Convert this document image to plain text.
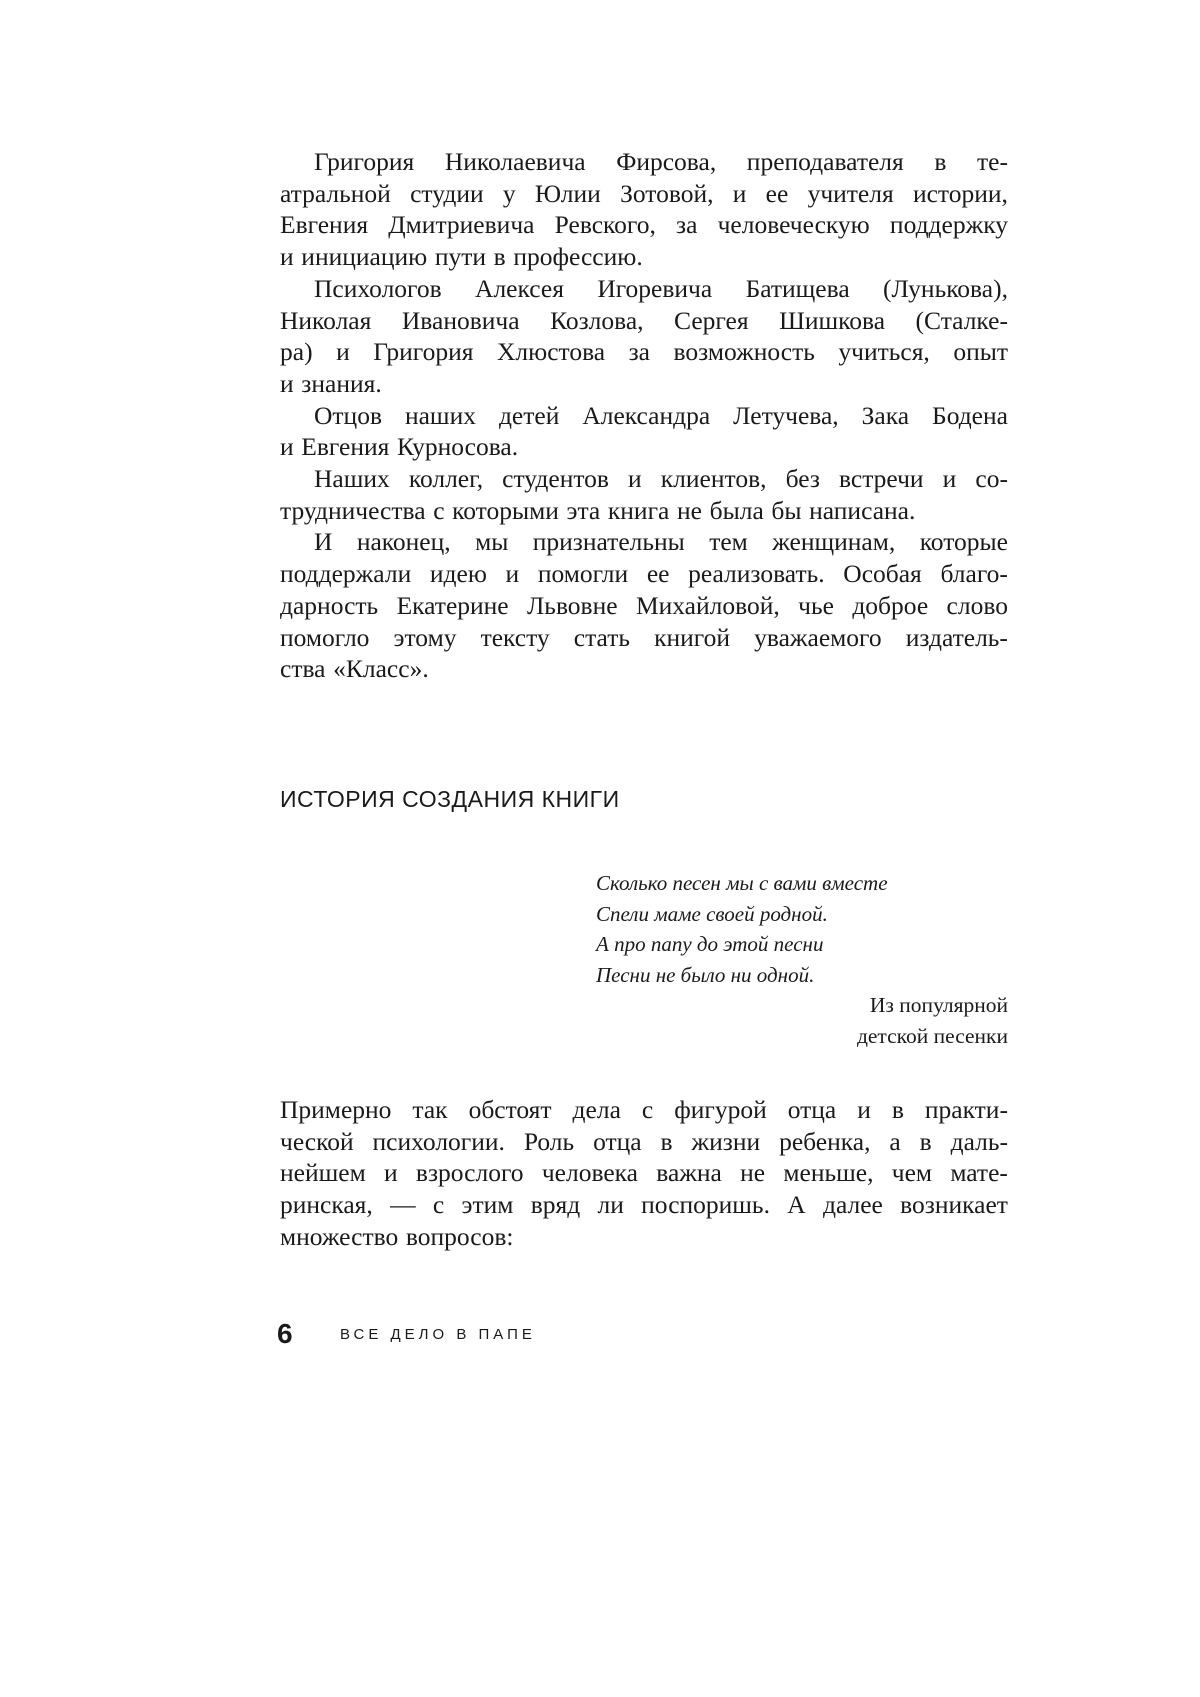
Григория Николаевича Фирсова, преподавателя в те-
атральной студии у Юлии Зотовой, и ее учителя истории,
Евгения Дмитриевича Ревского, за человеческую поддержку
и инициацию пути в профессию.
Психологов Алексея Игоревича Батищева (Лунькова),
Николая Ивановича Козлова, Сергея Шишкова (Сталке-
ра) и Григория Хлюстова за возможность учиться, опыт
и знания.
Отцов наших детей Александра Летучева, Зака Бодена
и Евгения Курносова.
Наших коллег, студентов и клиентов, без встречи и со-
трудничества с которыми эта книга не была бы написана.
И наконец, мы признательны тем женщинам, которые
поддержали идею и помогли ее реализовать. Особая благо-
дарность Екатерине Львовне Михайловой, чье доброе слово
помогло этому тексту стать книгой уважаемого издатель-
ства «Класс».
ИСТОРИЯ СОЗДАНИЯ КНИГИ
Сколько песен мы с вами вместе
Спели маме своей родной.
А про папу до этой песни
Песни не было ни одной.
Из популярной
детской песенки
Примерно так обстоят дела с фигурой отца и в практи-
ческой психологии. Роль отца в жизни ребенка, а в даль-
нейшем и взрослого человека важна не меньше, чем мате-
ринская, — с этим вряд ли поспоришь. А далее возникает
множество вопросов:
6	ВСЕ ДЕЛО В ПАПЕ
